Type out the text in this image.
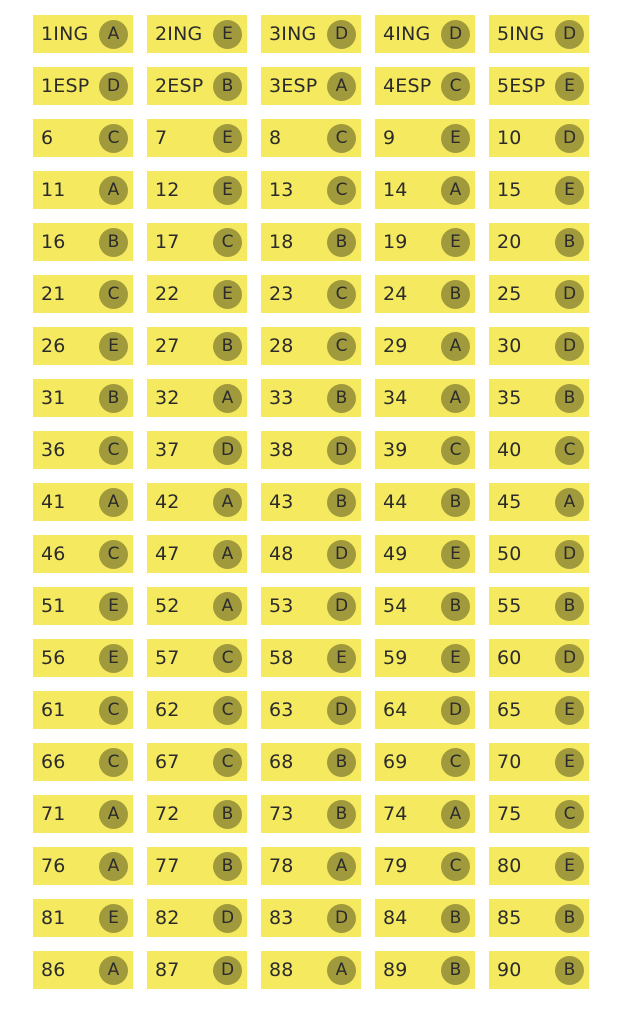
1ING	A	2ING	E	3ING	D	4ING	D	5ING	D
1ESP	D	2ESP	B	3ESP	A	4ESP	C	5ESP	E
6	C	7	E	8	C	9	E	10	D
11	A	12	E	13	C	14	A	15	E
16	B	17	C	18	B	19	E	20	B
21	C	22	E	23	C	24	B	25	D
26	E	27	B	28	C	29	A	30	D
31	B	32	A	33	B	34	A	35	B
36	C	37	D	38	D	39	C	40	C
41	A	42	A	43	B	44	B	45	A
46	C	47	A	48	D	49	E	50	D
51	E	52	A	53	D	54	B	55	B
56	E	57	C	58	E	59	E	60	D
61	C	62	C	63	D	64	D	65	E
66	C	67	C	68	B	69	C	70	E
71	A	72	B	73	B	74	A	75	C
76	A	77	B	78	A	79	C	80	E
81	E	82	D	83	D	84	B	85	B
86	A	87	D	88	A	89	B	90	B
